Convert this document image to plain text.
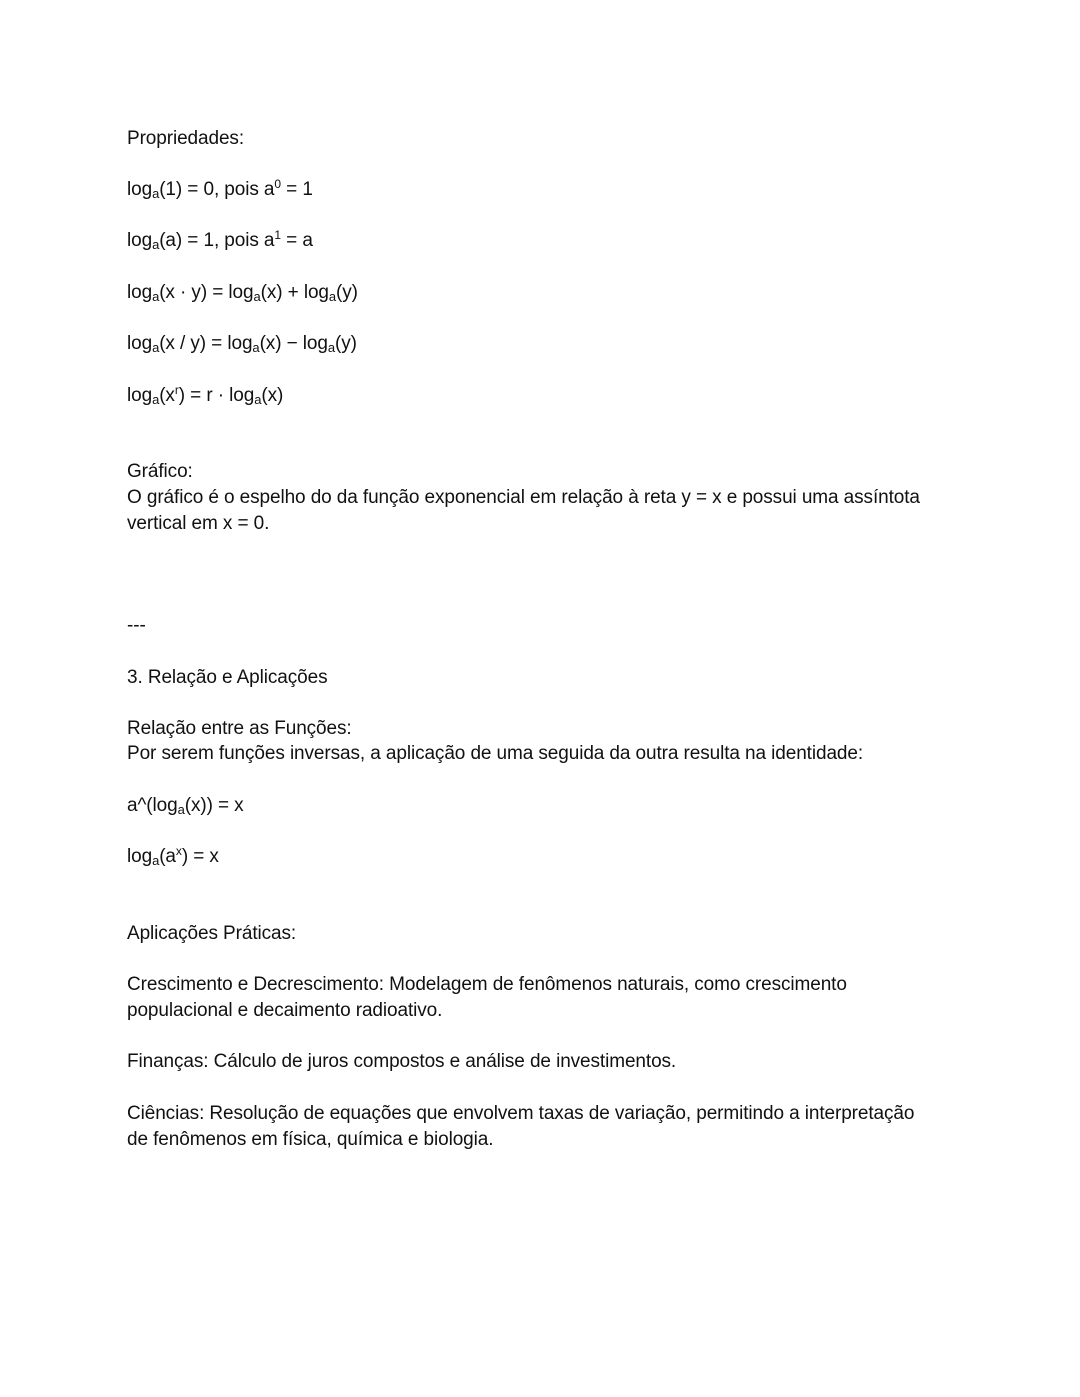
Propriedades:
loga(1) = 0, pois $a^0 = 1$
loga(a) = 1, pois $a^1 = a$
loga(x · y) = loga(x) + loga(y)
loga(x / y) = loga(x) − loga(y)
$\log a(x^r) = r \cdot \log a(x)$
Gráfico:
O gráfico é o espelho do da função exponencial em relação à reta y = x e possui uma assíntota
vertical em x = 0.
---
3. Relação e Aplicações
Relação entre as Funções:
Por serem funções inversas, a aplicação de uma seguida da outra resulta na identidade:
a^(loga(x)) = x
$\log a(a^x) = x$
Aplicações Práticas:
Crescimento e Decrescimento: Modelagem de fenômenos naturais, como crescimento
populacional e decaimento radioativo.
Finanças: Cálculo de juros compostos e análise de investimentos.
Ciências: Resolução de equações que envolvem taxas de variação, permitindo a interpretação
de fenômenos em física, química e biologia.
